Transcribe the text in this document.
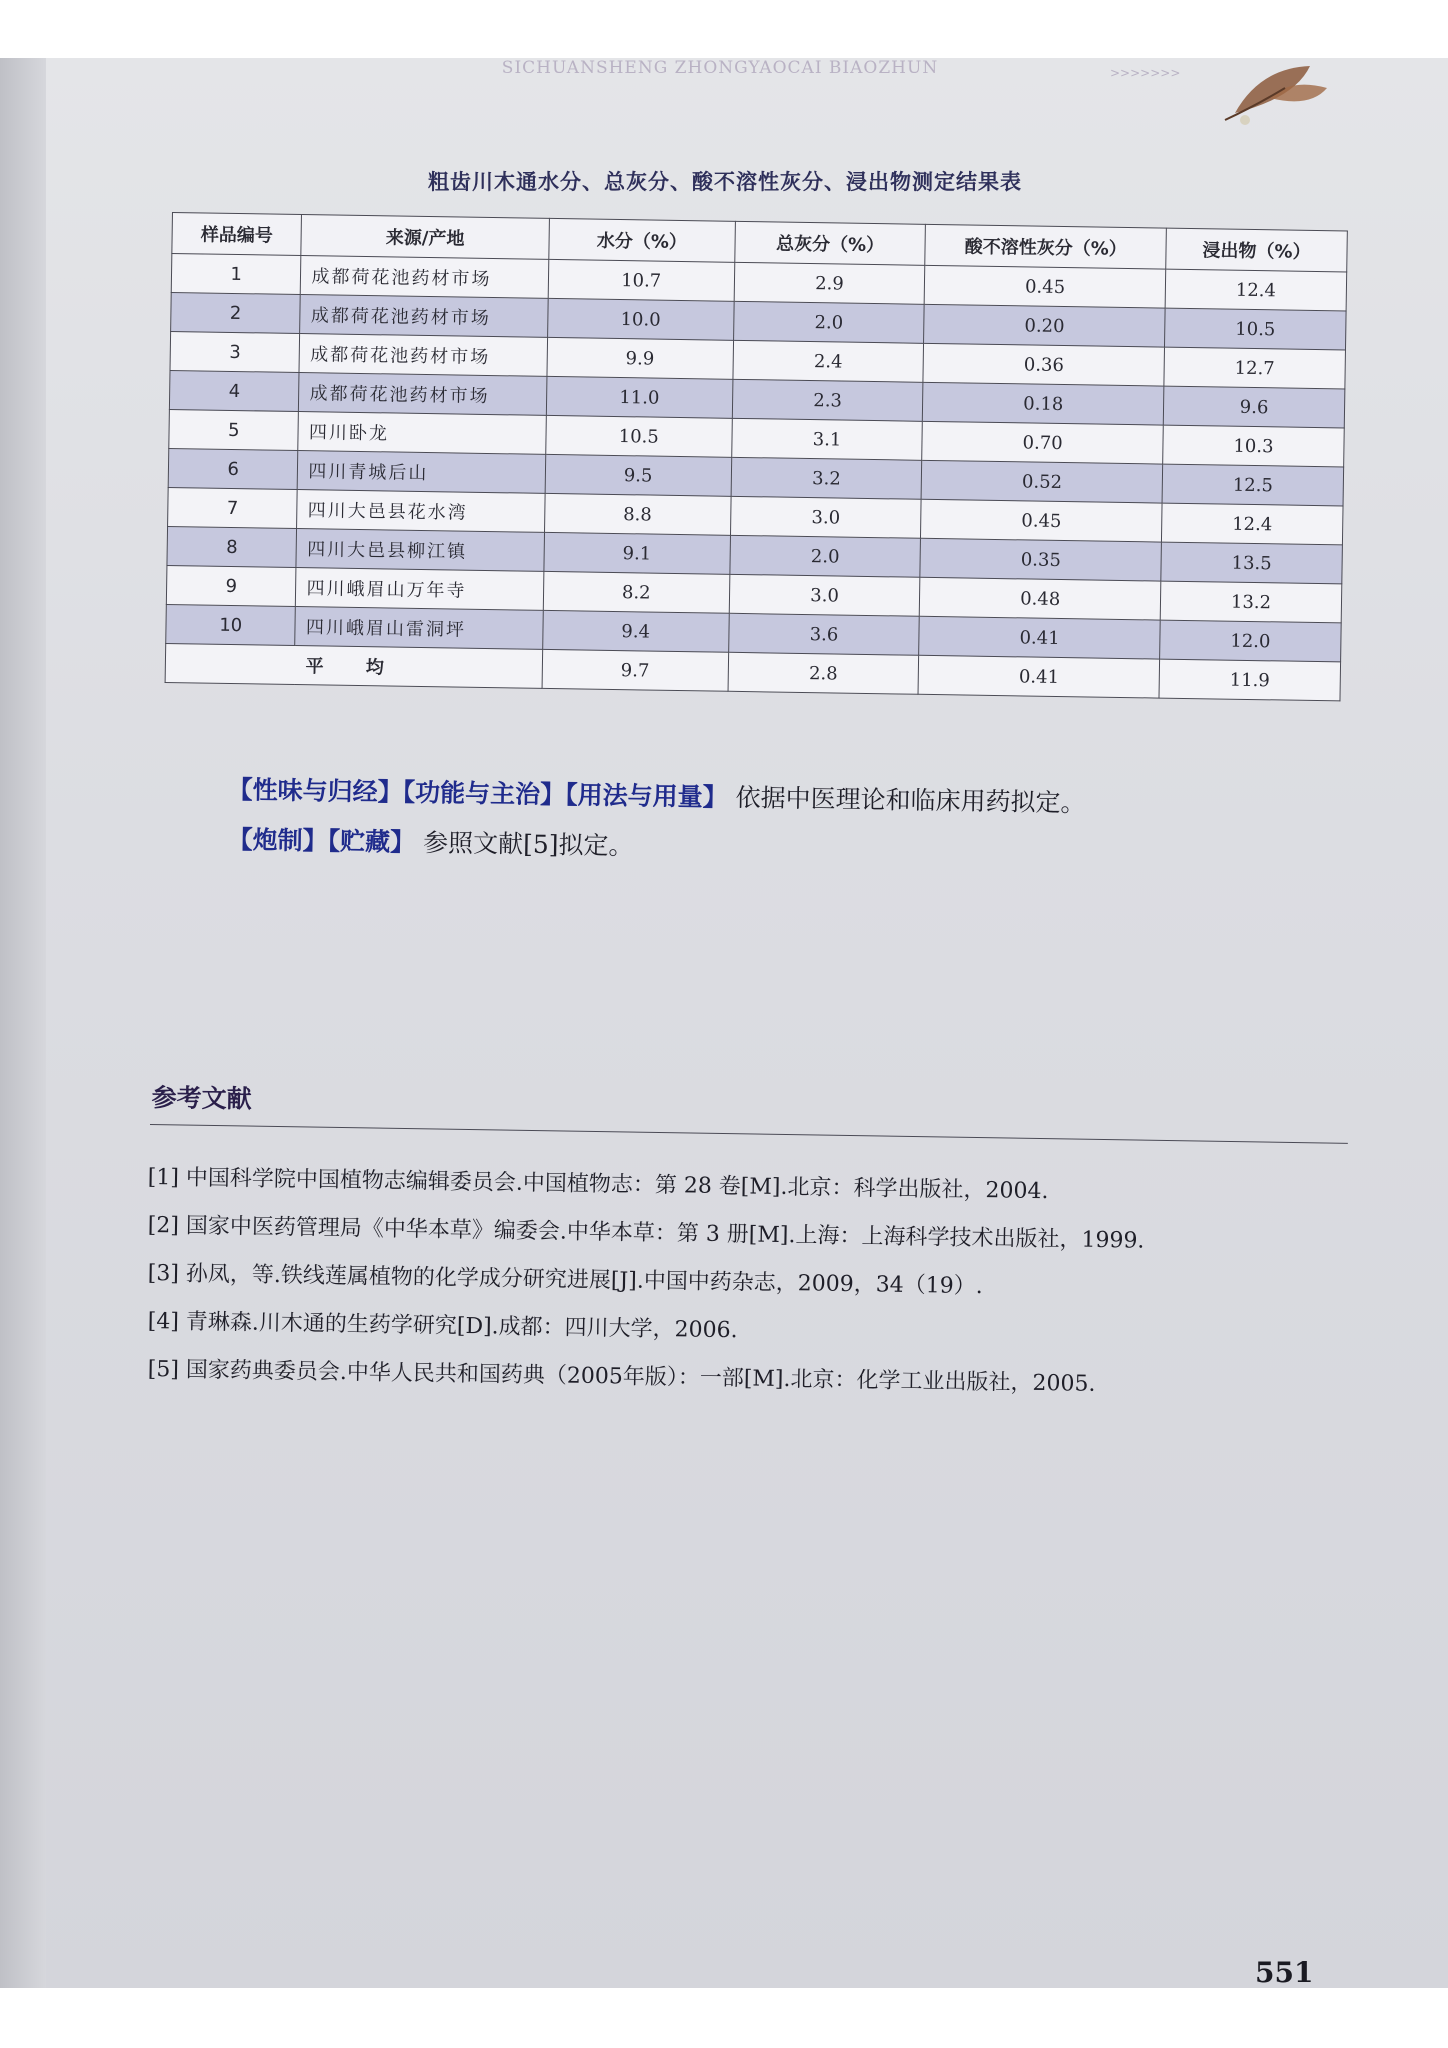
SICHUANSHENG ZHONGYAOCAI BIAOZHUN	>>>>>>>
粗齿川木通水分、总灰分、酸不溶性灰分、浸出物测定结果表
样品编号	来源/产地	水分（%）	总灰分（%）	酸不溶性灰分（%）	浸出物（%）
1	成都荷花池药材市场	10.7	2.9	0.45	12.4
2	成都荷花池药材市场	10.0	2.0	0.20	10.5
3	成都荷花池药材市场	9.9	2.4	0.36	12.7
4	成都荷花池药材市场	11.0	2.3	0.18	9.6
5	四川卧龙	10.5	3.1	0.70	10.3
6	四川青城后山	9.5	3.2	0.52	12.5
7	四川大邑县花水湾	8.8	3.0	0.45	12.4
8	四川大邑县柳江镇	9.1	2.0	0.35	13.5
9	四川峨眉山万年寺	8.2	3.0	0.48	13.2
10	四川峨眉山雷洞坪	9.4	3.6	0.41	12.0
平 均		9.7	2.8	0.41	11.9
【性味与归经】【功能与主治】【用法与用量】 依据中医理论和临床用药拟定。
【炮制】【贮藏】 参照文献[5]拟定。
参考文献
[1] 中国科学院中国植物志编辑委员会.中国植物志：第 28 卷[M].北京：科学出版社，2004.
[2] 国家中医药管理局《中华本草》编委会.中华本草：第 3 册[M].上海：上海科学技术出版社，1999.
[3] 孙凤，等.铁线莲属植物的化学成分研究进展[J].中国中药杂志，2009，34（19）.
[4] 青琳森.川木通的生药学研究[D].成都：四川大学，2006.
[5] 国家药典委员会.中华人民共和国药典（2005年版）：一部[M].北京：化学工业出版社，2005.
551
